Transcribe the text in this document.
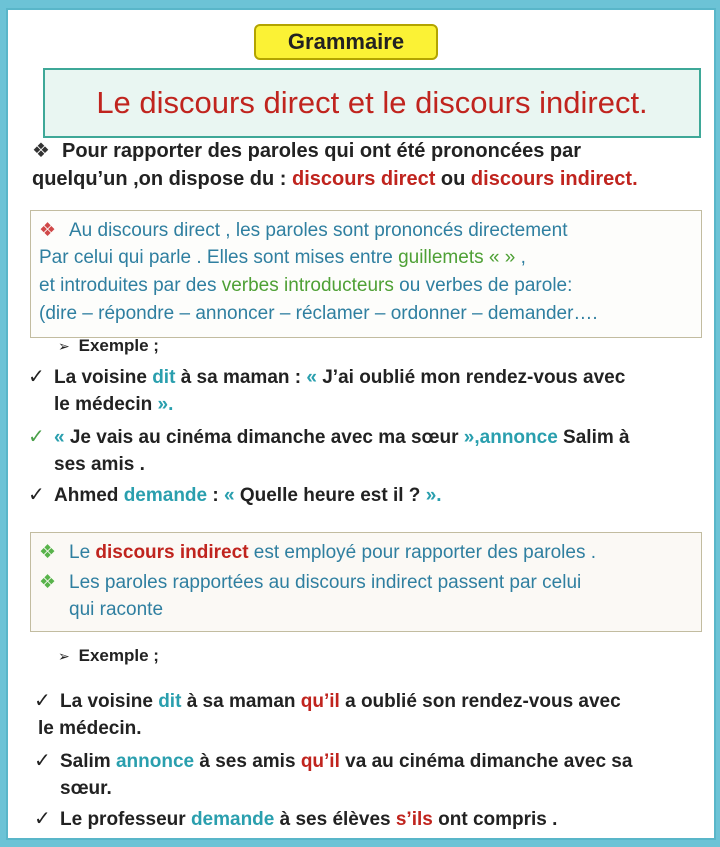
Grammaire
Le discours direct et le discours indirect.
❖ Pour rapporter des paroles qui ont été prononcées par
quelqu’un ,on dispose du : discours direct ou discours indirect.
❖ Au discours direct , les paroles sont prononcés directement
Par celui qui parle . Elles sont mises entre guillemets « » ,
et introduites par des verbes introducteurs ou verbes de parole:
(dire – répondre – annoncer – réclamer – ordonner – demander….
➢ Exemple ;
✓ La voisine dit à sa maman : « J’ai oublié mon rendez-vous avec
le médecin ».
✓ « Je vais au cinéma dimanche avec ma sœur »,annonce Salim à
ses amis .
✓ Ahmed demande : « Quelle heure est il ? ».
❖ Le discours indirect est employé pour rapporter des paroles .
❖ Les paroles rapportées au discours indirect passent par celui
qui raconte
➢ Exemple ;
✓ La voisine dit à sa maman qu’il a oublié son rendez-vous avec
le médecin.
✓ Salim annonce à ses amis qu’il va au cinéma dimanche avec sa
sœur.
✓ Le professeur demande à ses élèves s’ils ont compris .
